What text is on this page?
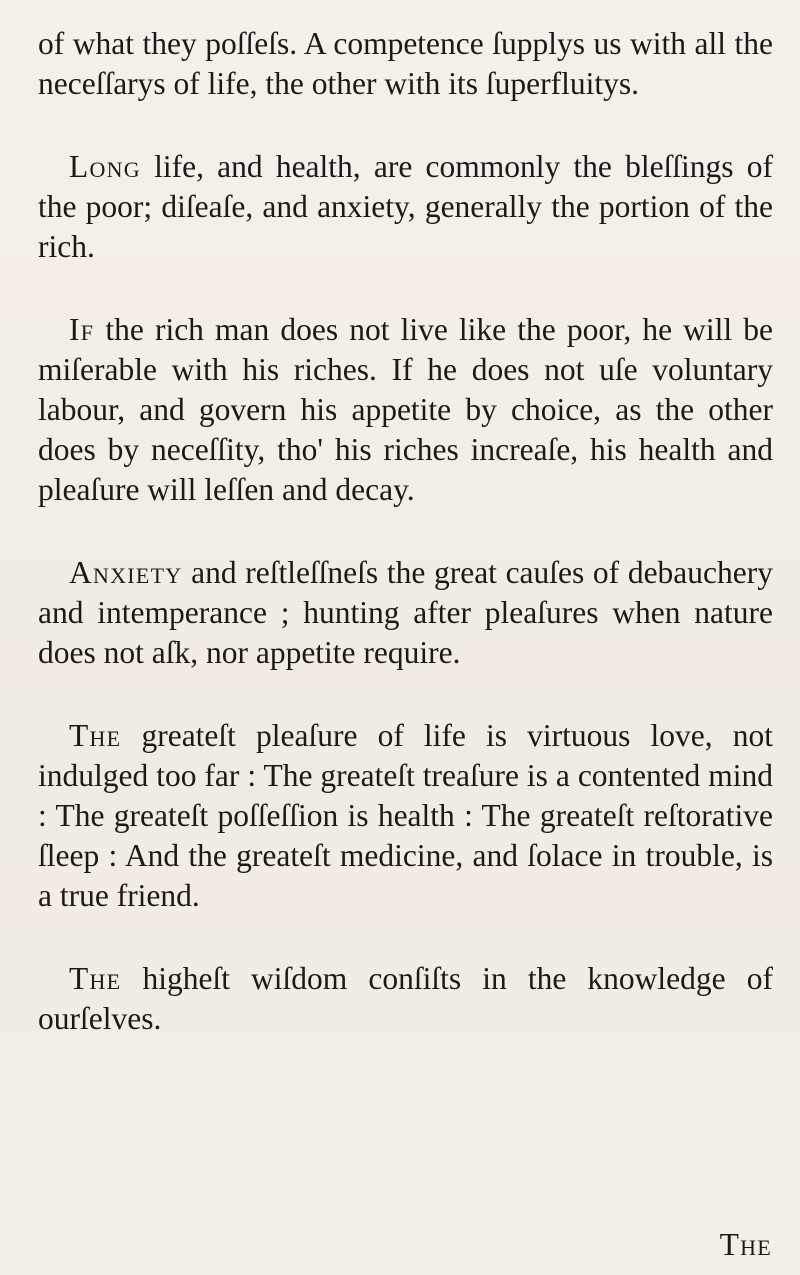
of what they poſſeſs. A competence ſupplys us with all the neceſſarys of life, the other with its ſuperfluitys.

Long life, and health, are commonly the bleſſings of the poor; diſeaſe, and anxiety, generally the portion of the rich.

If the rich man does not live like the poor, he will be miſerable with his riches. If he does not uſe voluntary labour, and govern his appetite by choice, as the other does by neceſſity, tho' his riches increaſe, his health and pleaſure will leſſen and decay.

Anxiety and reſtleſſneſs the great cauſes of debauchery and intemperance ; hunting after pleaſures when nature does not aſk, nor appetite require.

The greateſt pleaſure of life is virtuous love, not indulged too far : The greateſt treaſure is a contented mind : The greateſt poſſeſſion is health : The greateſt reſtorative ſleep : And the greateſt medicine, and ſolace in trouble, is a true friend.

The higheſt wiſdom conſiſts in the knowledge of ourſelves.

The
